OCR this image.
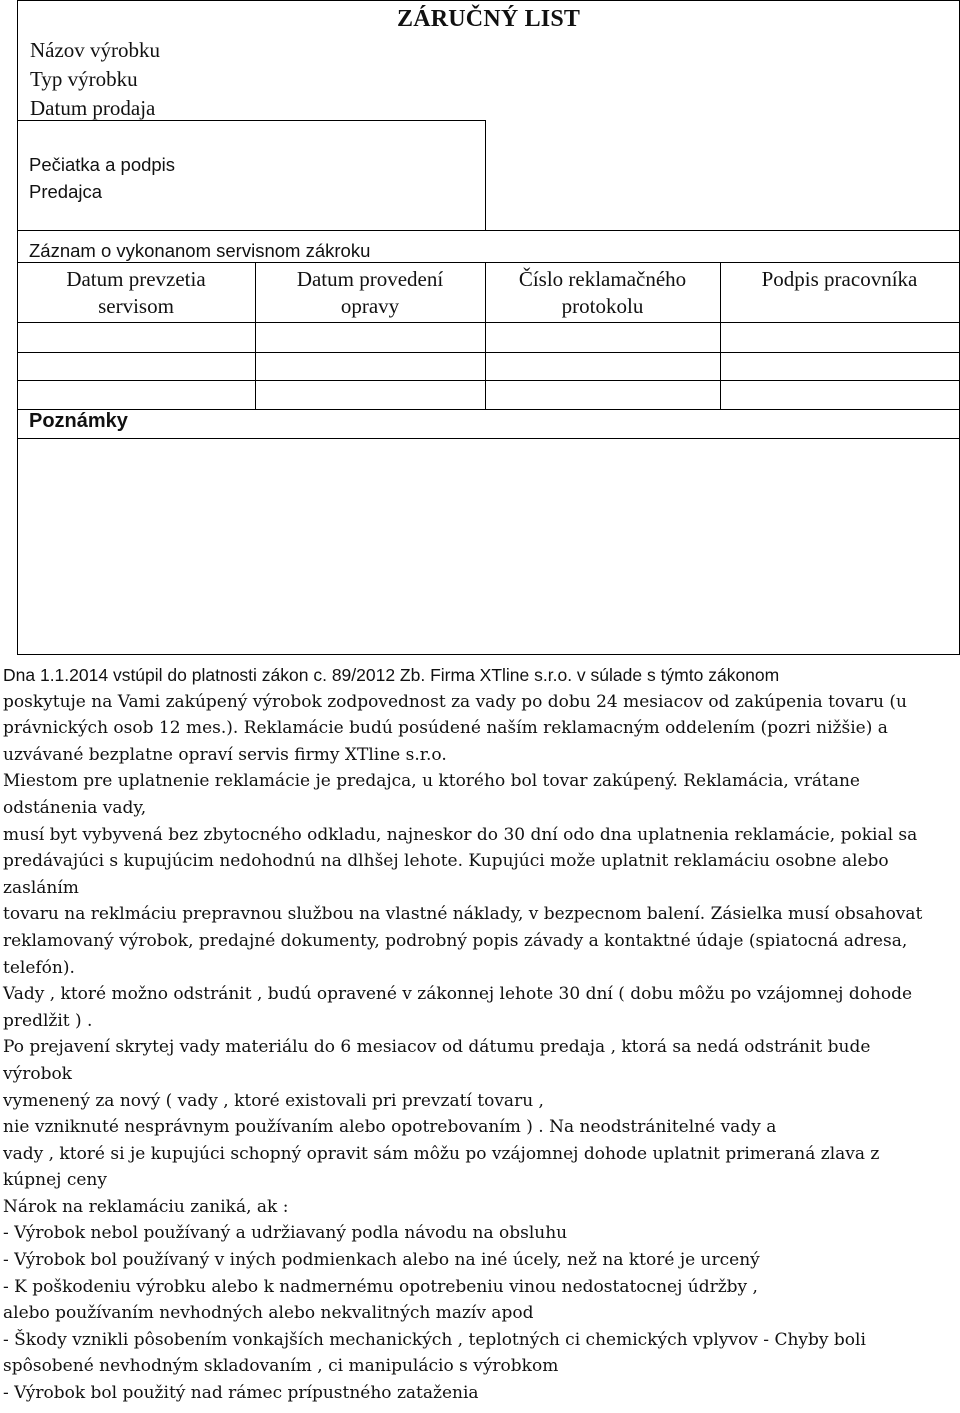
ZÁRUČNÝ LIST
Názov výrobku
Typ výrobku
Datum prodaja
Pečiatka a podpis
Predajca
Záznam o vykonanom servisnom zákroku
Datum prevzetia
servisom
Datum provedení
opravy
Číslo reklamačného
protokolu
Podpis pracovníka
Poznámky
Dna 1.1.2014 vstúpil do platnosti zákon c. 89/2012 Zb. Firma XTline s.r.o. v súlade s týmto zákonom
poskytuje na Vami zakúpený výrobok zodpovednost za vady po dobu 24 mesiacov od zakúpenia tovaru (u
právnických osob 12 mes.). Reklamácie budú posúdené naším reklamacným oddelením (pozri nižšie) a
uzvávané bezplatne opraví servis firmy XTline s.r.o.
Miestom pre uplatnenie reklamácie je predajca, u ktorého bol tovar zakúpený. Reklamácia, vrátane
odstánenia vady,
musí byt vybyvená bez zbytocného odkladu, najneskor do 30 dní odo dna uplatnenia reklamácie, pokial sa
predávajúci s kupujúcim nedohodnú na dlhšej lehote. Kupujúci može uplatnit reklamáciu osobne alebo
zasláním
tovaru na reklmáciu prepravnou službou na vlastné náklady, v bezpecnom balení. Zásielka musí obsahovat
reklamovaný výrobok, predajné dokumenty, podrobný popis závady a kontaktné údaje (spiatocná adresa,
telefón).
Vady , ktoré možno odstránit , budú opravené v zákonnej lehote 30 dní ( dobu môžu po vzájomnej dohode
predlžit ) .
Po prejavení skrytej vady materiálu do 6 mesiacov od dátumu predaja , ktorá sa nedá odstránit bude
výrobok
vymenený za nový ( vady , ktoré existovali pri prevzatí tovaru ,
nie vzniknuté nesprávnym používaním alebo opotrebovaním ) . Na neodstránitelné vady a
vady , ktoré si je kupujúci schopný opravit sám môžu po vzájomnej dohode uplatnit primeraná zlava z
kúpnej ceny
Nárok na reklamáciu zaniká, ak :
- Výrobok nebol používaný a udržiavaný podla návodu na obsluhu
- Výrobok bol používaný v iných podmienkach alebo na iné úcely, než na ktoré je urcený
- K poškodeniu výrobku alebo k nadmernému opotrebeniu vinou nedostatocnej údržby ,
alebo používaním nevhodných alebo nekvalitných mazív apod
- Škody vznikli pôsobením vonkajších mechanických , teplotných ci chemických vplyvov - Chyby boli
spôsobené nevhodným skladovaním , ci manipulácio s výrobkom
- Výrobok bol použitý nad rámec prípustného zataženia
